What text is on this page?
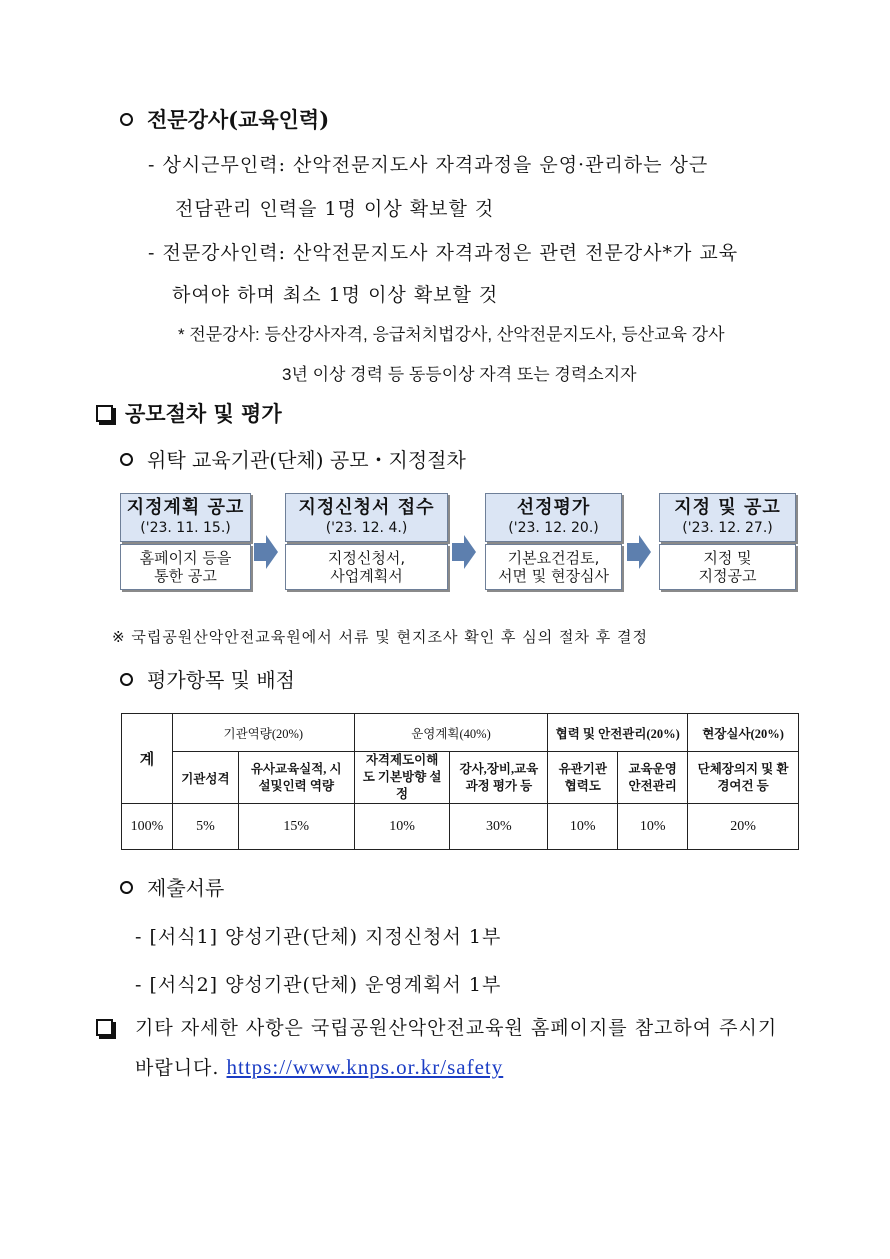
전문강사(교육인력)
- 상시근무인력: 산악전문지도사 자격과정을 운영·관리하는 상근
전담관리 인력을 1명 이상 확보할 것
- 전문강사인력: 산악전문지도사 자격과정은 관련 전문강사*가 교육
하여야 하며 최소 1명 이상 확보할 것
* 전문강사: 등산강사자격, 응급처치법강사, 산악전문지도사, 등산교육 강사
3년 이상 경력 등 동등이상 자격 또는 경력소지자
공모절차 및 평가
위탁 교육기관(단체) 공모・지정절차
지정계획 공고
('23. 11. 15.)
홈페이지 등을
통한 공고
지정신청서 접수
('23. 12. 4.)
지정신청서,
사업계획서
선정평가
('23. 12. 20.)
기본요건검토,
서면 및 현장심사
지정 및 공고
('23. 12. 27.)
지정 및
지정공고
※ 국립공원산악안전교육원에서 서류 및 현지조사 확인 후 심의 절차 후 결정
평가항목 및 배점
계	기관역량(20%)		운영계획(40%)		협력 및 안전관리(20%)		현장실사(20%)
	기관성격	유사교육실적, 시설및인력 역량	자격제도이해도 기본방향 설정	강사,장비,교육 과정 평가 등	유관기관 협력도	교육운영 안전관리	단체장의지 및 환경여건 등
100%	5%	15%	10%	30%	10%	10%	20%
제출서류
- [서식1] 양성기관(단체) 지정신청서 1부
- [서식2] 양성기관(단체) 운영계획서 1부
기타 자세한 사항은 국립공원산악안전교육원 홈페이지를 참고하여 주시기
바랍니다. https://www.knps.or.kr/safety
